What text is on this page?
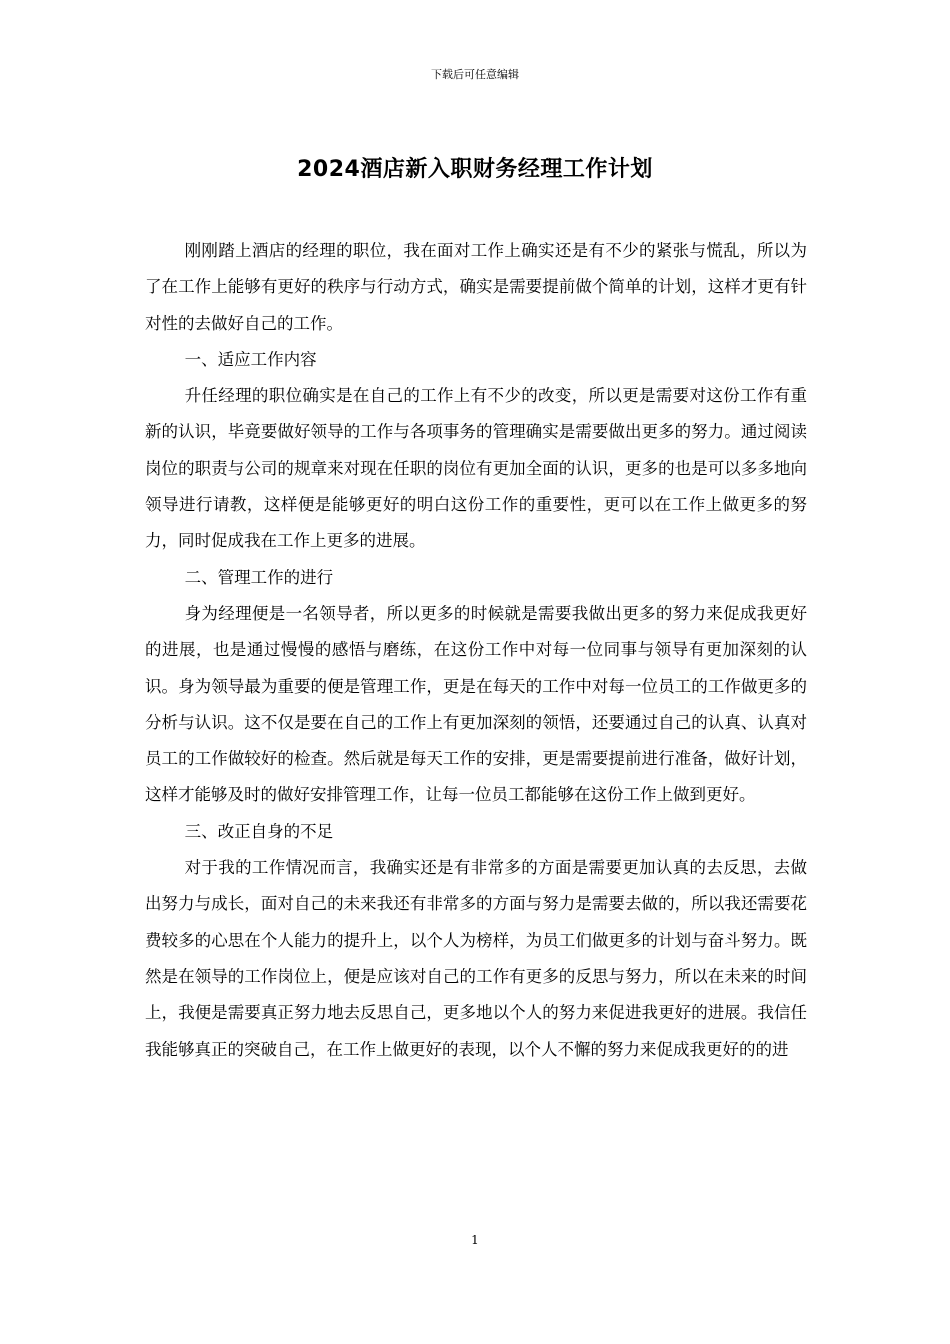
下载后可任意编辑
2024酒店新入职财务经理工作计划

刚刚踏上酒店的经理的职位，我在面对工作上确实还是有不少的紧张与慌乱，所以为了在工作上能够有更好的秩序与行动方式，确实是需要提前做个简单的计划，这样才更有针对性的去做好自己的工作。

一、适应工作内容

升任经理的职位确实是在自己的工作上有不少的改变，所以更是需要对这份工作有重新的认识，毕竟要做好领导的工作与各项事务的管理确实是需要做出更多的努力。通过阅读岗位的职责与公司的规章来对现在任职的岗位有更加全面的认识，更多的也是可以多多地向领导进行请教，这样便是能够更好的明白这份工作的重要性，更可以在工作上做更多的努力，同时促成我在工作上更多的进展。

二、管理工作的进行

身为经理便是一名领导者，所以更多的时候就是需要我做出更多的努力来促成我更好的进展，也是通过慢慢的感悟与磨练，在这份工作中对每一位同事与领导有更加深刻的认识。身为领导最为重要的便是管理工作，更是在每天的工作中对每一位员工的工作做更多的分析与认识。这不仅是要在自己的工作上有更加深刻的领悟，还要通过自己的认真、认真对员工的工作做较好的检查。然后就是每天工作的安排，更是需要提前进行准备，做好计划，这样才能够及时的做好安排管理工作，让每一位员工都能够在这份工作上做到更好。

三、改正自身的不足

对于我的工作情况而言，我确实还是有非常多的方面是需要更加认真的去反思，去做出努力与成长，面对自己的未来我还有非常多的方面与努力是需要去做的，所以我还需要花费较多的心思在个人能力的提升上，以个人为榜样，为员工们做更多的计划与奋斗努力。既然是在领导的工作岗位上，便是应该对自己的工作有更多的反思与努力，所以在未来的时间上，我便是需要真正努力地去反思自己，更多地以个人的努力来促进我更好的进展。我信任我能够真正的突破自己，在工作上做更好的表现，以个人不懈的努力来促成我更好的的进

1
